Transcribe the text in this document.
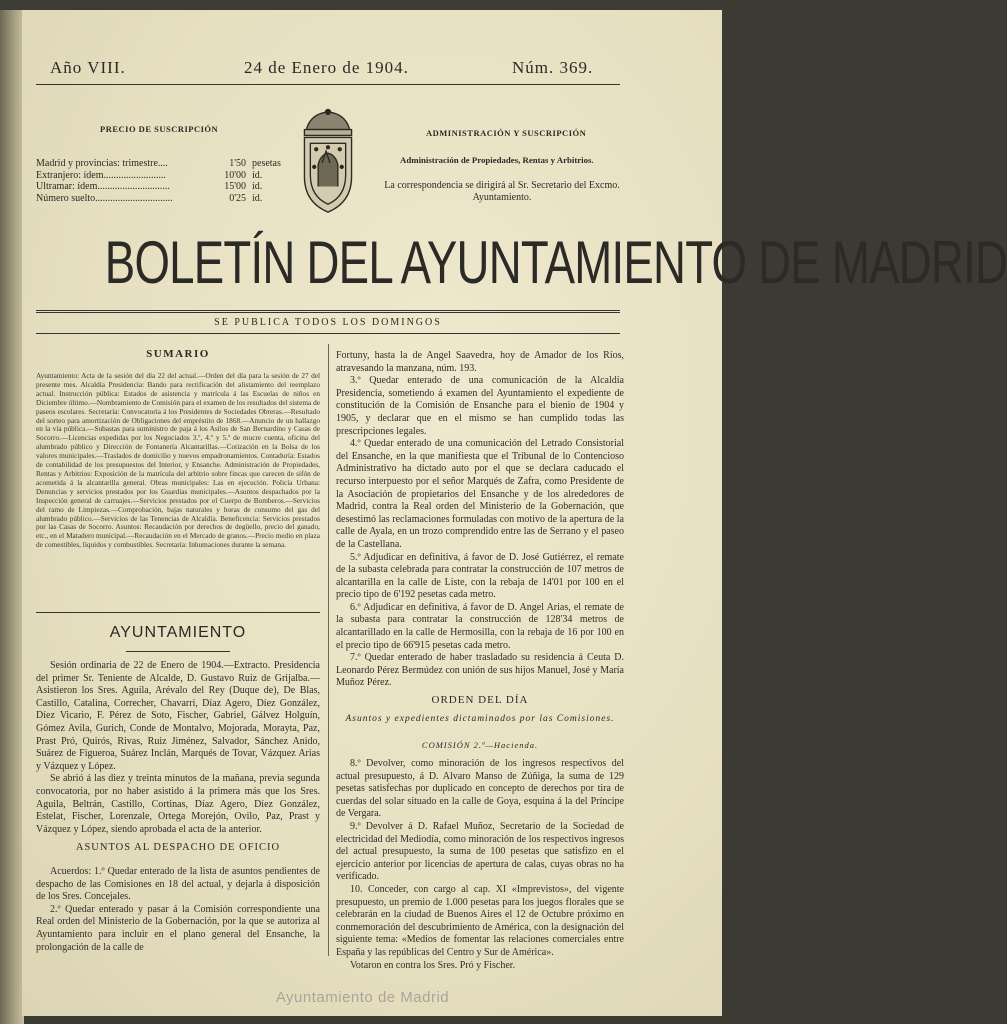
Año VIII.	24 de Enero de 1904.	Núm. 369.
PRECIO DE SUSCRIPCIÓN
Madrid y provincias: trimestre....	1'50 pesetas
Extranjero: ídem.........................	10'00 íd.
Ultramar: ídem.............................	15'00 íd.
Número suelto...............................	0'25 íd.
ADMINISTRACIÓN Y SUSCRIPCIÓN
Administración de Propiedades, Rentas y Arbitrios.
La correspondencia se dirigirá al Sr. Secretario del Excmo. Ayuntamiento.
BOLETÍN DEL AYUNTAMIENTO DE MADRID
SE PUBLICA TODOS LOS DOMINGOS
SUMARIO

Ayuntamiento: Acta de la sesión del día 22 del actual.—Orden del día para la sesión de 27 del presente mes. Alcaldía Presidencia: Bando para rectificación del alistamiento del reemplazo actual. Instrucción pública: Estados de asistencia y matrícula á las Escuelas de niños en Diciembre último.—Nombramiento de Comisión para el examen de los resultados del sistema de paseos escolares. Secretaría: Convocatoria á los Presidentes de Sociedades Obreras.—Resultado del sorteo para amortización de Obligaciones del empréstito de 1868.—Anuncio de un hallazgo en la vía pública.—Subastas para suministro de paja á los Asilos de San Bernardino y Casas de Socorro.—Licencias expedidas por los Negociados 3.º, 4.º y 5.º de mucre cuenta, oficina del alumbrado público y Dirección de Fontanería Alcantarillas.—Cotización en la Bolsa de los valores municipales.—Traslados de domicilio y nuevos empadronamientos. Contaduría: Estados de contabilidad de los presupuestos del Interior, y Ensanche. Administración de Propiedades, Rentas y Arbitrios: Exposición de la matrícula del arbitrio sobre fincas que carecen de sifón de acometida á la alcantarilla general. Obras municipales: Las en ejecución. Policía Urbana: Denuncias y servicios prestados por los Guardias municipales.—Asuntos despachados por la Inspección general de carruajes.—Servicios prestados por el Cuerpo de Bomberos.—Servicios del ramo de Limpiezas.—Comprobación, bajas naturales y horas de consumo del gas del alumbrado público.—Servicios de las Tenencias de Alcaldía. Beneficencia: Servicios prestados por las Casas de Socorro. Asuntos: Recaudación por derechos de degüello, precio del ganado, etc., en el Matadero municipal.—Recaudación en el Mercado de granos.—Precio medio en plaza de comestibles, líquidos y combustibles. Secretaría: Inhumaciones durante la semana.

AYUNTAMIENTO

Sesión ordinaria de 22 de Enero de 1904.—Extracto. Presidencia del primer Sr. Teniente de Alcalde, D. Gustavo Ruiz de Grijalba.—Asistieron los Sres. Aguila, Arévalo del Rey (Duque de), De Blas, Castillo, Catalina, Correcher, Chavarri, Díaz Agero, Díez González, Díez Vicario, F. Pérez de Soto, Fischer, Gabriel, Gálvez Holguín, Gómez Avila, Gurich, Conde de Montalvo, Mojorada, Moraytа, Paz, Prast Pró, Quirós, Rivas, Ruiz Jiménez, Salvador, Sánchez Anido, Suárez de Figueroa, Suárez Inclán, Marqués de Tovar, Vázquez Arias y Vázquez y López.

Se abrió á las diez y treinta minutos de la mañana, previa segunda convocatoria, por no haber asistido á la primera más que los Sres. Aguila, Beltrán, Castillo, Cortinas, Díaz Agero, Díez González, Estelat, Fischer, Lorenzale, Ortega Morejón, Ovilo, Paz, Prast y Vázquez y López, siendo aprobada el acta de la anterior.

ASUNTOS AL DESPACHO DE OFICIO

Acuerdos: 1.º Quedar enterado de la lista de asuntos pendientes de despacho de las Comisiones en 18 del actual, y dejarla á disposición de los Sres. Concejales.

2.º Quedar enterado y pasar á la Comisión correspondiente una Real orden del Ministerio de la Gobernación, por la que se autoriza al Ayuntamiento para incluir en el plano general del Ensanche, la prolongación de la calle de

Fortuny, hasta la de Angel Saavedra, hoy de Amador de los Ríos, atravesando la manzana, núm. 193.

3.º Quedar enterado de una comunicación de la Alcaldía Presidencia, sometiendo á examen del Ayuntamiento el expediente de constitución de la Comisión de Ensanche para el bienio de 1904 y 1905, y declarar que en el mismo se han cumplido todas las prescripciones legales.

4.º Quedar enterado de una comunicación del Letrado Consistorial del Ensanche, en la que manifiesta que el Tribunal de lo Contencioso Administrativo ha dictado auto por el que se declara caducado el recurso interpuesto por el señor Marqués de Zafra, como Presidente de la Asociación de propietarios del Ensanche y de los alrededores de Madrid, contra la Real orden del Ministerio de la Gobernación, que desestimó las reclamaciones formuladas con motivo de la apertura de la calle de Ayala, en un trozo comprendido entre las de Serrano y el paseo de la Castellana.

5.º Adjudicar en definitiva, á favor de D. José Gutiérrez, el remate de la subasta celebrada para contratar la construcción de 107 metros de alcantarilla en la calle de Liste, con la rebaja de 14'01 por 100 en el precio tipo de 6'192 pesetas cada metro.

6.º Adjudicar en definitiva, á favor de D. Angel Arias, el remate de la subasta para contratar la construcción de 128'34 metros de alcantarillado en la calle de Hermosilla, con la rebaja de 16 por 100 en el precio tipo de 66'915 pesetas cada metro.

7.º Quedar enterado de haber trasladado su residencia á Ceuta D. Leonardo Pérez Bermúdez con unión de sus hijos Manuel, José y María Muñoz Pérez.

ORDEN DEL DÍA
Asuntos y expedientes dictaminados por las Comisiones.
COMISIÓN 2.ª—Hacienda.

8.º Devolver, como minoración de los ingresos respectivos del actual presupuesto, á D. Alvaro Manso de Zúñiga, la suma de 129 pesetas satisfechas por duplicado en concepto de derechos por tira de cuerdas del solar situado en la calle de Goya, esquina á la del Príncipe de Vergara.

9.º Devolver á D. Rafael Muñoz, Secretario de la Sociedad de electricidad del Mediodía, como minoración de los respectivos ingresos del actual presupuesto, la suma de 100 pesetas que satisfizo en el ejercicio anterior por licencias de apertura de calas, cuyas obras no ha verificado.

10. Conceder, con cargo al cap. XI «Imprevistos», del vigente presupuesto, un premio de 1.000 pesetas para los juegos florales que se celebrarán en la ciudad de Buenos Aires el 12 de Octubre próximo en conmemoración del descubrimiento de América, con la designación del siguiente tema: «Medios de fomentar las relaciones comerciales entre España y las repúblicas del Centro y Sur de América».

Votaron en contra los Sres. Pró y Fischer.

Ayuntamiento de Madrid
